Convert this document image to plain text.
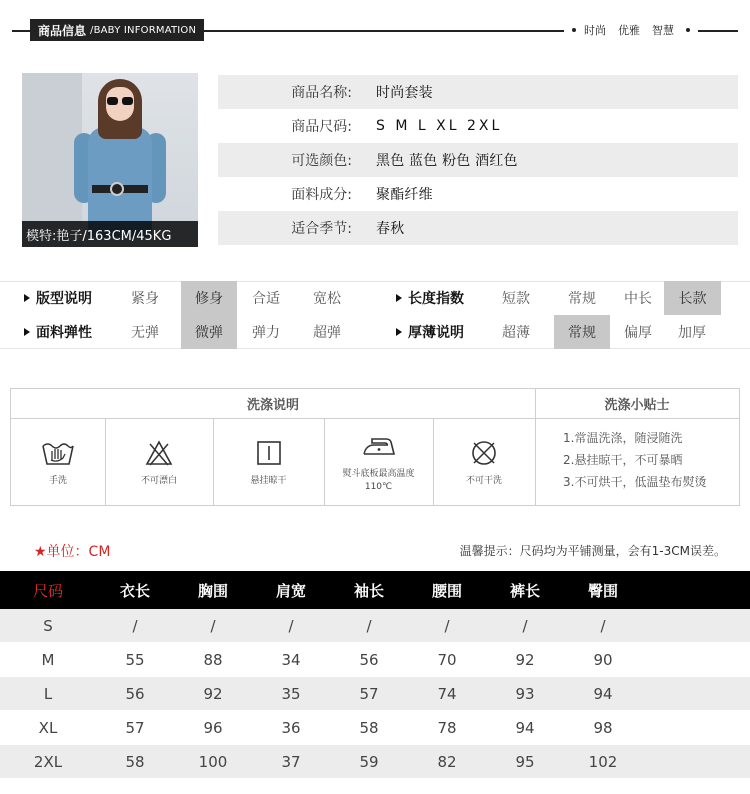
商品信息 /BABY INFORMATION	时尚 优雅 智慧
模特:艳子/163CM/45KG
商品名称: 时尚套装
商品尺码: S M L XL 2XL
可选颜色: 黑色 蓝色 粉色 酒红色
面料成分: 聚酯纤维
适合季节: 春秋
版型说明	紧身	修身	合适	宽松	长度指数	短款	常规	中长	长款
面料弹性	无弹	微弹	弹力	超弹	厚薄说明	超薄	常规	偏厚	加厚
洗涤说明	洗涤小贴士
手洗	不可漂白	悬挂晾干
熨斗底板最高温度110℃
不可干洗
1.常温洗涤，随浸随洗
2.悬挂晾干，不可暴晒
3.不可烘干，低温垫布熨烫
★单位：CM	温馨提示：尺码均为平铺测量，会有1-3CM误差。
尺码	衣长	胸围	肩宽	袖长	腰围	裤长	臀围
S	/	/	/	/	/	/	/
M	55	88	34	56	70	92	90
L	56	92	35	57	74	93	94
XL	57	96	36	58	78	94	98
2XL	58	100	37	59	82	95	102
